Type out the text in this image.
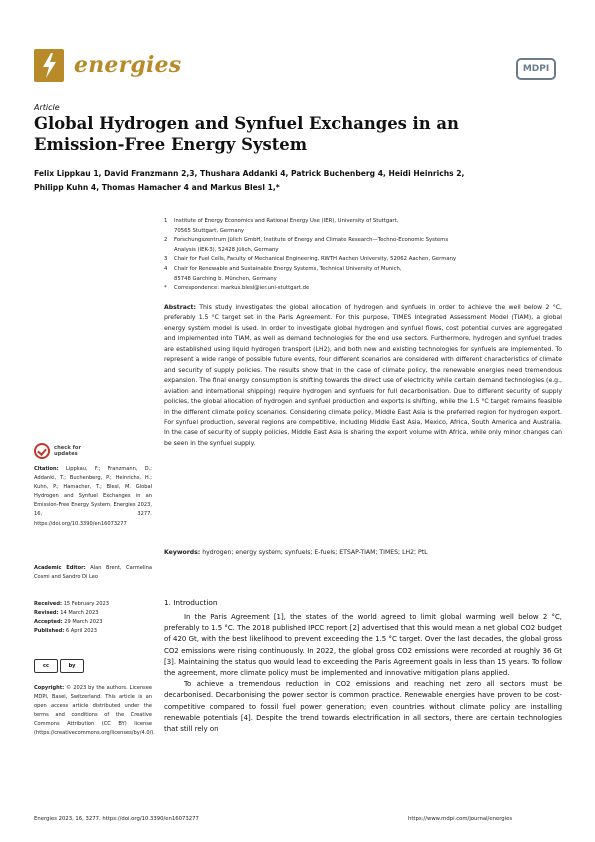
energies	MDPI
Article
Global Hydrogen and Synfuel Exchanges in an Emission-Free Energy System
Felix Lippkau 1, David Franzmann 2,3, Thushara Addanki 4, Patrick Buchenberg 4, Heidi Heinrichs 2,
Philipp Kuhn 4, Thomas Hamacher 4 and Markus Blesl 1,*
1	Institute of Energy Economics and Rational Energy Use (IER), University of Stuttgart,
70565 Stuttgart, Germany
2	Forschungszentrum Jülich GmbH, Institute of Energy and Climate Research—Techno-Economic Systems
Analysis (IEK-3), 52428 Jülich, Germany
3	Chair for Fuel Cells, Faculty of Mechanical Engineering, RWTH Aachen University, 52062 Aachen, Germany
4	Chair for Renewable and Sustainable Energy Systems, Technical University of Munich,
85748 Garching b. München, Germany
*	Correspondence: markus.blesl@ier.uni-stuttgart.de
Abstract: This study investigates the global allocation of hydrogen and synfuels in order to achieve the well below 2 °C, preferably 1.5 °C target set in the Paris Agreement. For this purpose, TIMES Integrated Assessment Model (TIAM), a global energy system model is used. In order to investigate global hydrogen and synfuel flows, cost potential curves are aggregated and implemented into TIAM, as well as demand technologies for the end use sectors. Furthermore, hydrogen and synfuel trades are established using liquid hydrogen transport (LH2), and both new and existing technologies for synfuels are implemented. To represent a wide range of possible future events, four different scenarios are considered with different characteristics of climate and security of supply policies. The results show that in the case of climate policy, the renewable energies need tremendous expansion. The final energy consumption is shifting towards the direct use of electricity while certain demand technologies (e.g., aviation and international shipping) require hydrogen and synfuels for full decarbonisation. Due to different security of supply policies, the global allocation of hydrogen and synfuel production and exports is shifting, while the 1.5 °C target remains feasible in the different climate policy scenarios. Considering climate policy, Middle East Asia is the preferred region for hydrogen export. For synfuel production, several regions are competitive, including Middle East Asia, Mexico, Africa, South America and Australia. In the case of security of supply policies, Middle East Asia is sharing the export volume with Africa, while only minor changes can be seen in the synfuel supply.
Keywords: hydrogen; energy system; synfuels; E-fuels; ETSAP-TIAM; TIMES; LH2; PtL
check for
updates
Citation: Lippkau, F.; Franzmann, D.; Addanki, T.; Buchenberg, P.; Heinrichs, H.; Kuhn, P.; Hamacher, T.; Blesl, M. Global Hydrogen and Synfuel Exchanges in an Emission-Free Energy System. Energies 2023, 16, 3277. https://doi.org/10.3390/en16073277
Academic Editor: Alan Brent, Carmelina Cosmi and Sandro Di Leo
Received: 15 February 2023
Revised: 14 March 2023
Accepted: 29 March 2023
Published: 6 April 2023
cc	by
Copyright: © 2023 by the authors. Licensee MDPI, Basel, Switzerland. This article is an open access article distributed under the terms and conditions of the Creative Commons Attribution (CC BY) license (https://creativecommons.org/licenses/by/4.0/).
1. Introduction

In the Paris Agreement [1], the states of the world agreed to limit global warming well below 2 °C, preferably to 1.5 °C. The 2018 published IPCC report [2] advertised that this would mean a net global CO2 budget of 420 Gt, with the best likelihood to prevent exceeding the 1.5 °C target. Over the last decades, the global gross CO2 emissions were rising continuously. In 2022, the global gross CO2 emissions were recorded at roughly 36 Gt [3]. Maintaining the status quo would lead to exceeding the Paris Agreement goals in less than 15 years. To follow the agreement, more climate policy must be implemented and innovative mitigation plans applied.

To achieve a tremendous reduction in CO2 emissions and reaching net zero all sectors must be decarbonised. Decarbonising the power sector is common practice. Renewable energies have proven to be cost-competitive compared to fossil fuel power generation; even countries without climate policy are installing renewable potentials [4]. Despite the trend towards electrification in all sectors, there are certain technologies that still rely on

Energies 2023, 16, 3277. https://doi.org/10.3390/en16073277	https://www.mdpi.com/journal/energies
